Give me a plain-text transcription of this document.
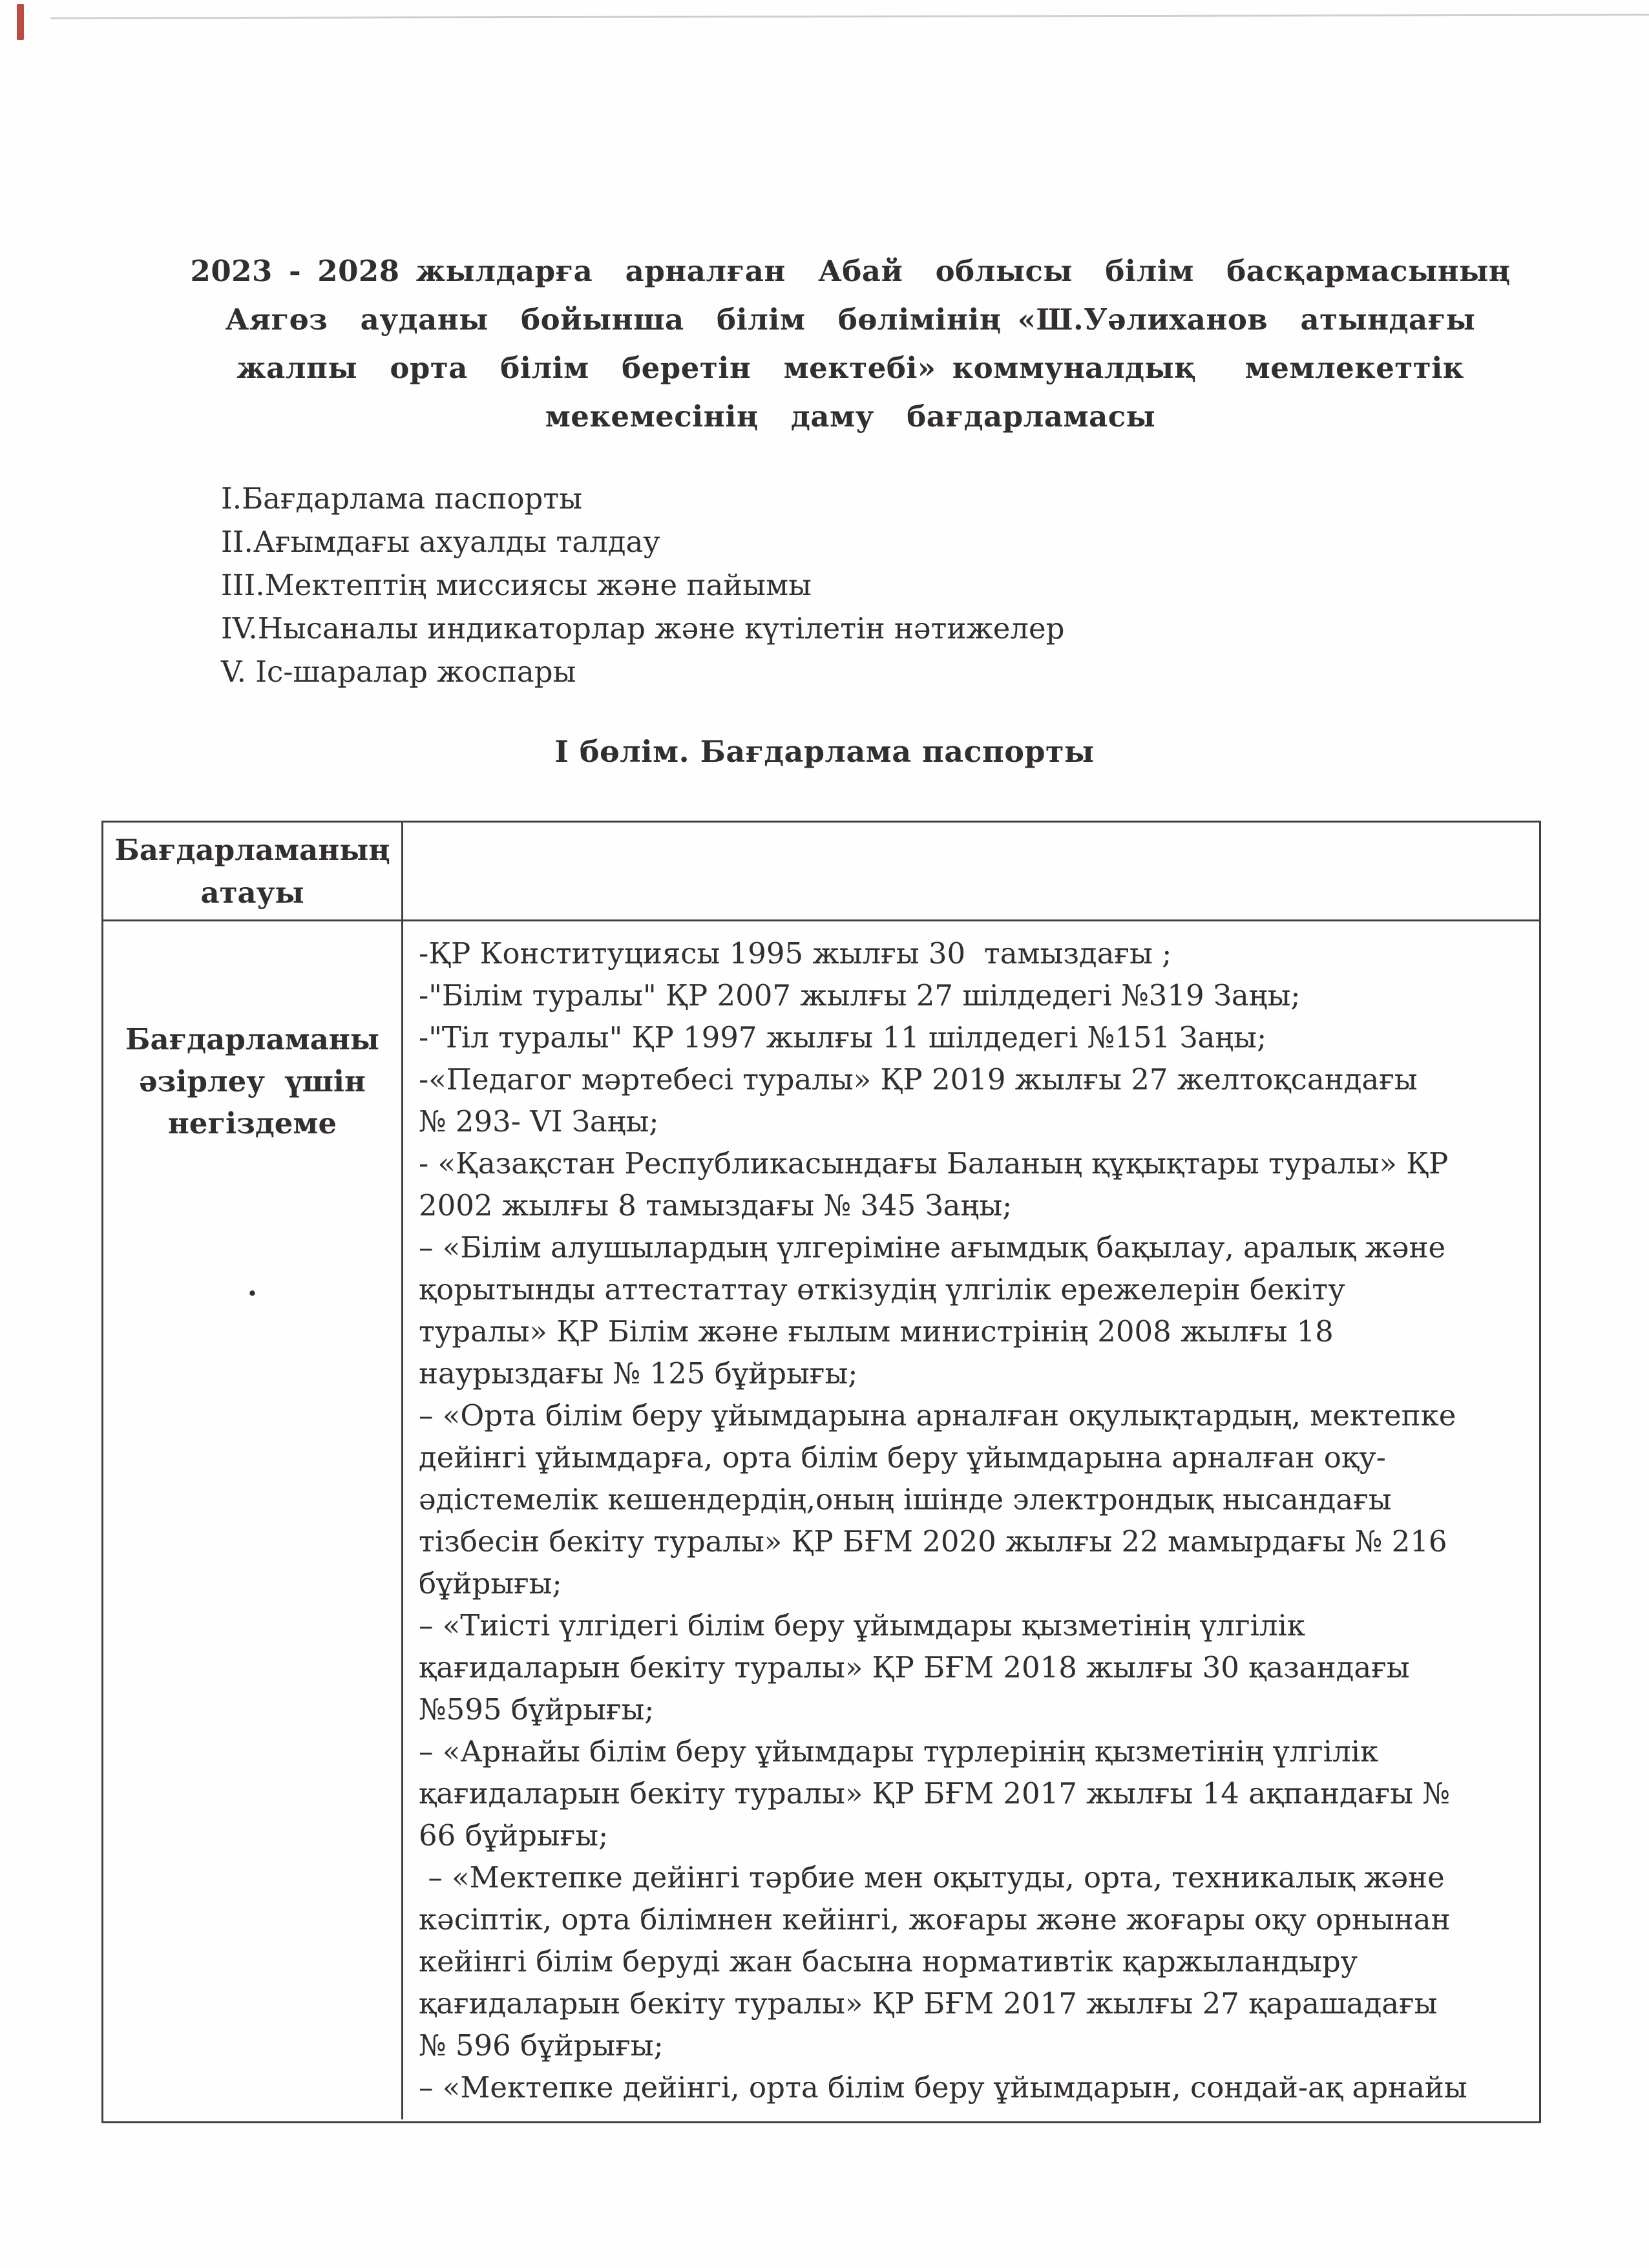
2023 - 2028 жылдарға  арналған  Абай  облысы  білім  басқармасының
Аягөз  ауданы  бойынша  білім  бөлімінің «Ш.Уәлиханов  атындағы
жалпы  орта  білім  беретін  мектебі» коммуналдық   мемлекеттік
мекемесінің  даму  бағдарламасы
I.Бағдарлама паспорты
II.Ағымдағы ахуалды талдау
III.Мектептің миссиясы және пайымы
IV.Нысаналы индикаторлар және күтілетін нәтижелер
V. Іс-шаралар жоспары
I бөлім. Бағдарлама паспорты
Бағдарламаның
атауы

Бағдарламаны
әзірлеу  үшін
негіздеме

.

-ҚР Конституциясы 1995 жылғы 30  тамыздағы ;
-"Білім туралы" ҚР 2007 жылғы 27 шілдедегі №319 Заңы;
-"Тіл туралы" ҚР 1997 жылғы 11 шілдедегі №151 Заңы;
-«Педагог мәртебесі туралы» ҚР 2019 жылғы 27 желтоқсандағы
№ 293- VI Заңы;
- «Қазақстан Республикасындағы Баланың құқықтары туралы» ҚР
2002 жылғы 8 тамыздағы № 345 Заңы;
– «Білім алушылардың үлгеріміне ағымдық бақылау, аралық және
қорытынды аттестаттау өткізудің үлгілік ережелерін бекіту
туралы» ҚР Білім және ғылым министрінің 2008 жылғы 18
наурыздағы № 125 бұйрығы;
– «Орта білім беру ұйымдарына арналған оқулықтардың, мектепке
дейінгі ұйымдарға, орта білім беру ұйымдарына арналған оқу-
әдістемелік кешендердің,оның ішінде электрондық нысандағы
тізбесін бекіту туралы» ҚР БҒМ 2020 жылғы 22 мамырдағы № 216
бұйрығы;
– «Тиісті үлгідегі білім беру ұйымдары қызметінің үлгілік
қағидаларын бекіту туралы» ҚР БҒМ 2018 жылғы 30 қазандағы
№595 бұйрығы;
– «Арнайы білім беру ұйымдары түрлерінің қызметінің үлгілік
қағидаларын бекіту туралы» ҚР БҒМ 2017 жылғы 14 ақпандағы №
66 бұйрығы;
– «Мектепке дейінгі тәрбие мен оқытуды, орта, техникалық және
кәсіптік, орта білімнен кейінгі, жоғары және жоғары оқу орнынан
кейінгі білім беруді жан басына нормативтік қаржыландыру
қағидаларын бекіту туралы» ҚР БҒМ 2017 жылғы 27 қарашадағы
№ 596 бұйрығы;
– «Мектепке дейінгі, орта білім беру ұйымдарын, сондай-ақ арнайы
